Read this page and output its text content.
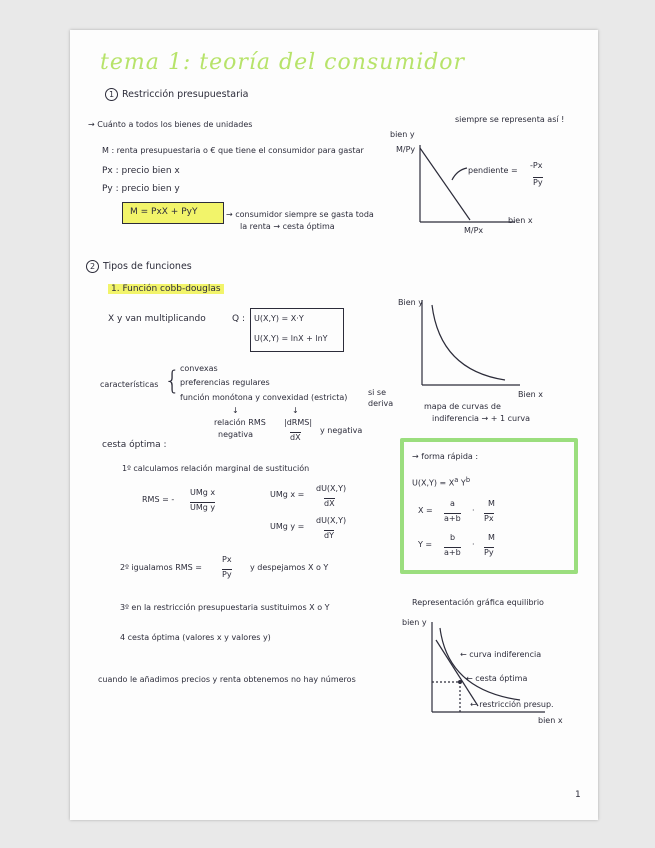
tema 1: teoría del consumidor
1 Restricción presupuestaria
→ Cuánto a todos los bienes de unidades
siempre se representa así !
M : renta presupuestaria o € que tiene el consumidor para gastar
Px : precio bien x
Py : precio bien y
M = PxX + PyY	→ consumidor siempre se gasta toda
la renta → cesta óptima
bien y
M/Py
M/Px
bien x
pendiente =
-Px
Py
2 Tipos de funciones
1. Función cobb-douglas
X y van multiplicando	Q : U(X,Y) = X·Y
U(X,Y) = lnX + lnY
Bien y
Bien x
mapa de curvas de
indiferencia → + 1 curva
características { convexas
preferencias regulares
función monótona y convexidad (estricta)
si se
deriva
↓	↓
relación RMS
negativa
|dRMS|
dX
y negativa
cesta óptima :
1º calculamos relación marginal de sustitución
RMS = -
UMg x
UMg y
UMg x =
dU(X,Y)
dX
UMg y =
dU(X,Y)
dY
2º igualamos RMS =
Px
Py
y despejamos X o Y
3º en la restricción presupuestaria sustituimos X o Y
4 cesta óptima (valores x y valores y)
cuando le añadimos precios y renta obtenemos no hay números
→ forma rápida :
$U(X,Y) = X^a$ $Y^b$
X =
a
a+b
·
M
Px
Y =
b
a+b
·
M
Py
Representación gráfica equilibrio
bien y
← curva indiferencia
← cesta óptima
← restricción presup.
bien x
1
